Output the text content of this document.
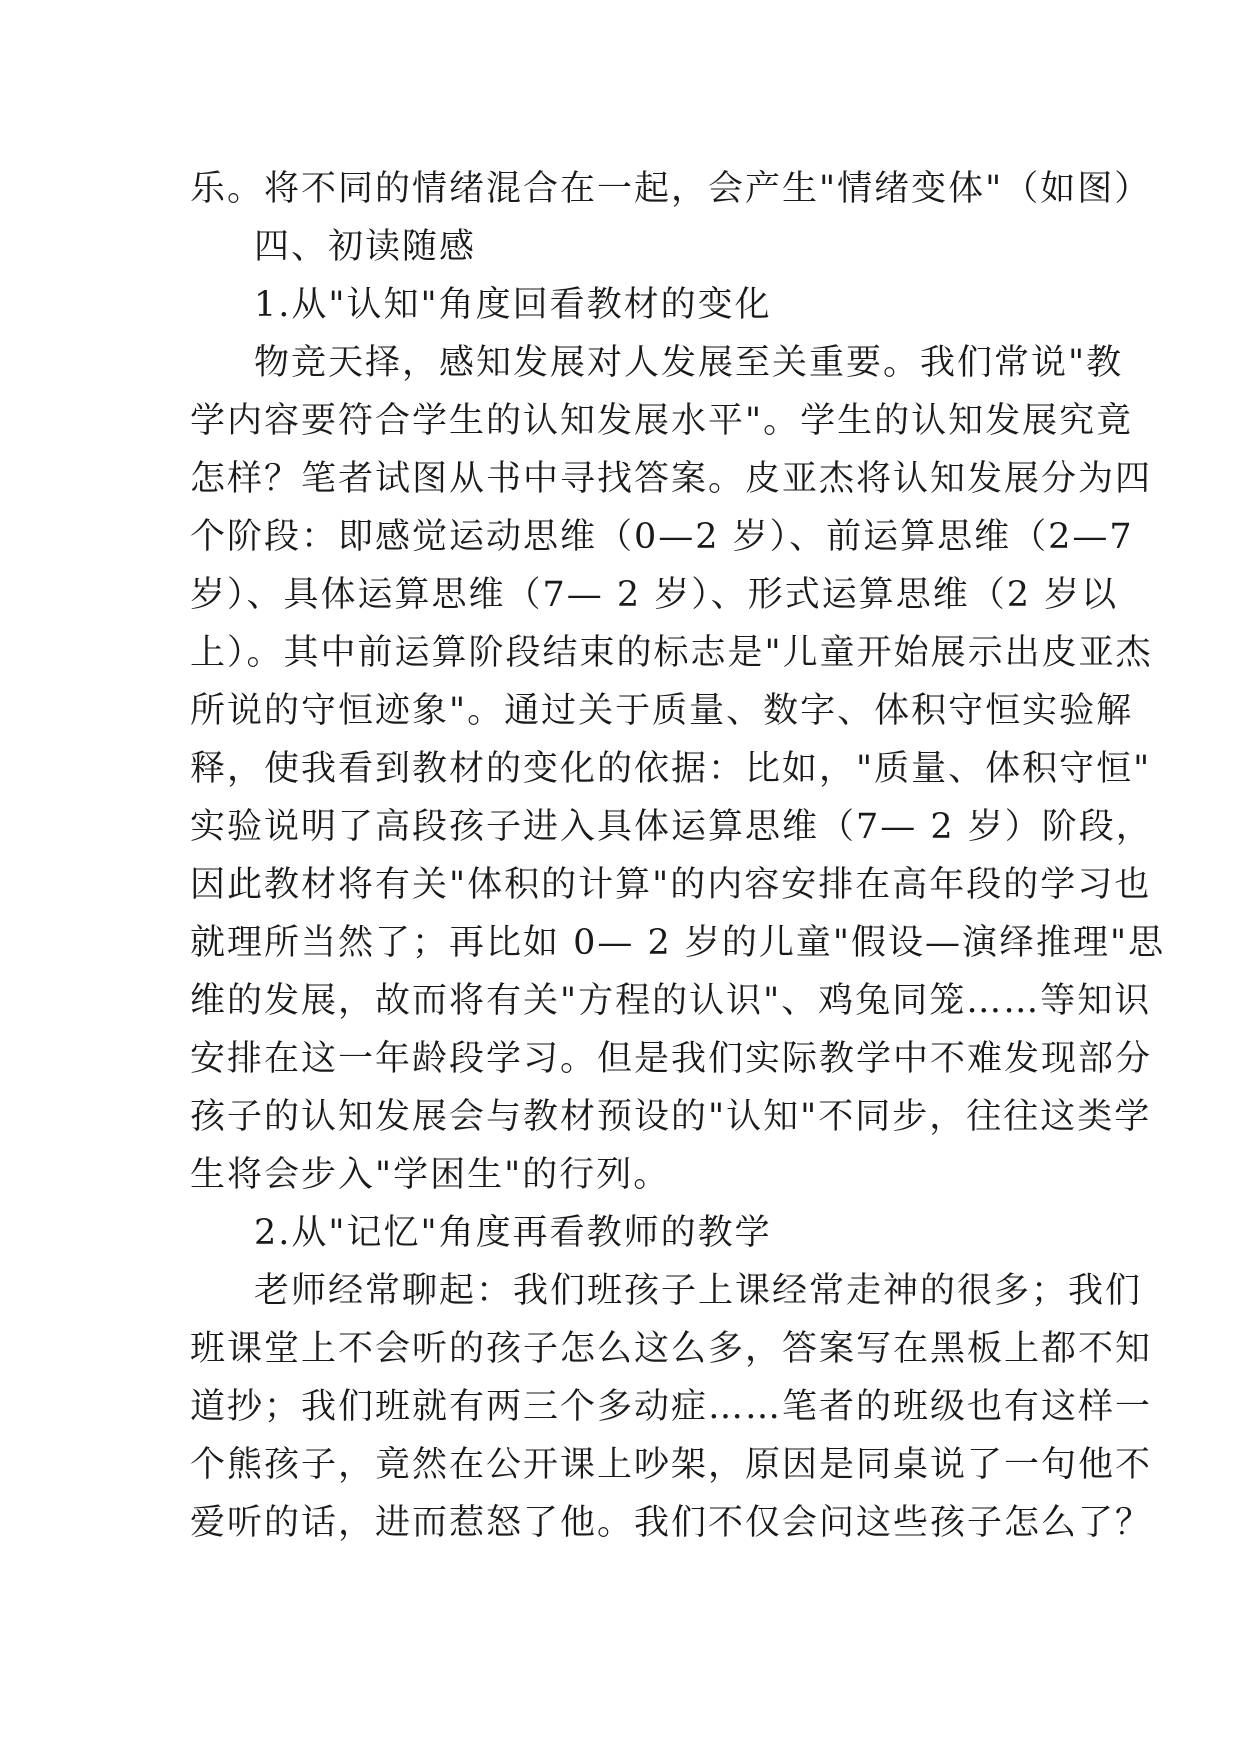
乐。将不同的情绪混合在一起，会产生"情绪变体"（如图）
四、初读随感
1.从"认知"角度回看教材的变化
物竞天择，感知发展对人发展至关重要。我们常说"教
学内容要符合学生的认知发展水平"。学生的认知发展究竟
怎样？笔者试图从书中寻找答案。皮亚杰将认知发展分为四
个阶段：即感觉运动思维（0—2 岁）、前运算思维（2—7
岁）、具体运算思维（7— 2 岁）、形式运算思维（2 岁以
上）。其中前运算阶段结束的标志是"儿童开始展示出皮亚杰
所说的守恒迹象"。通过关于质量、数字、体积守恒实验解
释，使我看到教材的变化的依据：比如，"质量、体积守恒"
实验说明了高段孩子进入具体运算思维（7— 2 岁）阶段，
因此教材将有关"体积的计算"的内容安排在高年段的学习也
就理所当然了；再比如 0— 2 岁的儿童"假设—演绎推理"思
维的发展，故而将有关"方程的认识"、鸡兔同笼……等知识
安排在这一年龄段学习。但是我们实际教学中不难发现部分
孩子的认知发展会与教材预设的"认知"不同步，往往这类学
生将会步入"学困生"的行列。
2.从"记忆"角度再看教师的教学
老师经常聊起：我们班孩子上课经常走神的很多；我们
班课堂上不会听的孩子怎么这么多，答案写在黑板上都不知
道抄；我们班就有两三个多动症……笔者的班级也有这样一
个熊孩子，竟然在公开课上吵架，原因是同桌说了一句他不
爱听的话，进而惹怒了他。我们不仅会问这些孩子怎么了？
